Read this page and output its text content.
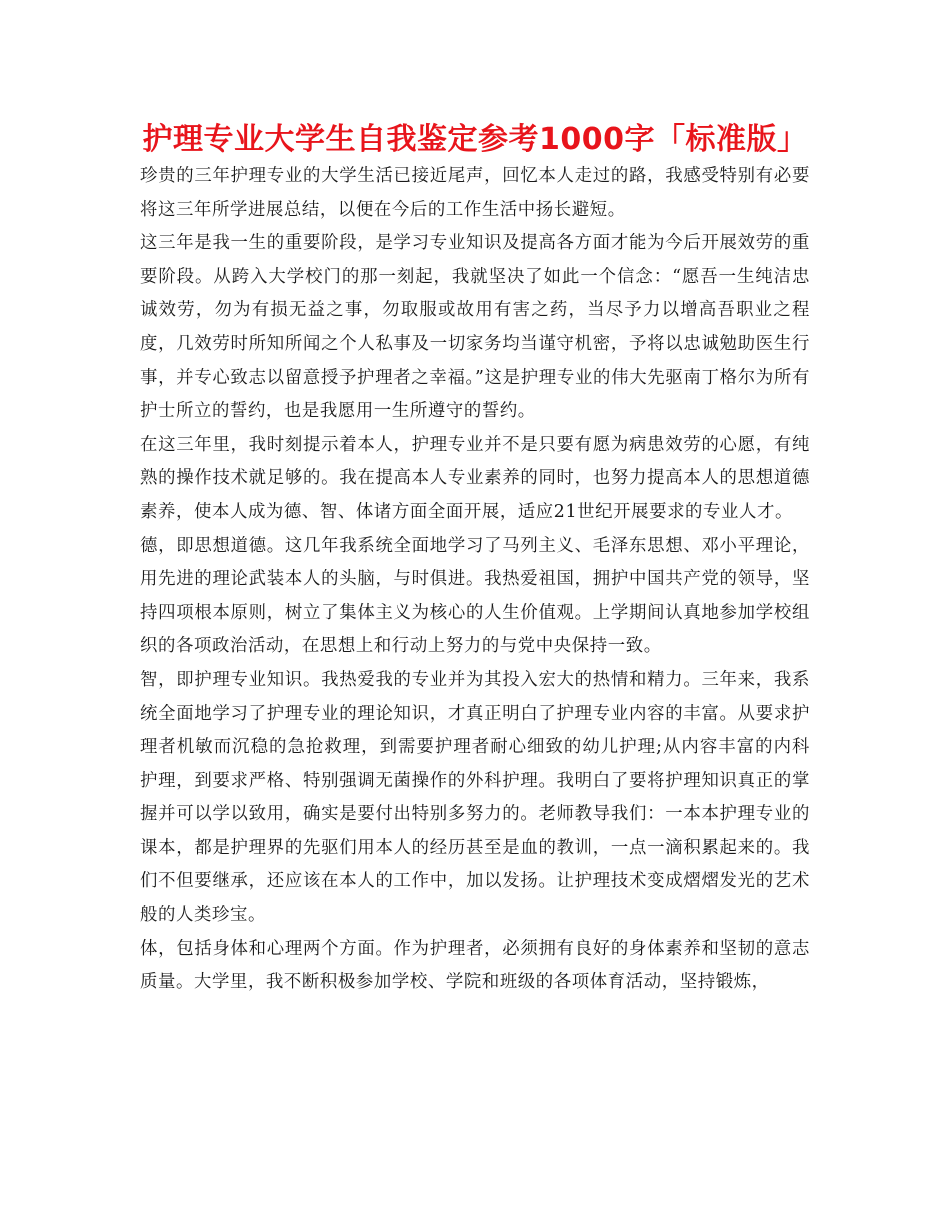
护理专业大学生自我鉴定参考1000字「标准版」

珍贵的三年护理专业的大学生活已接近尾声，回忆本人走过的路，我感受特别有必要将这三年所学进展总结，以便在今后的工作生活中扬长避短。

这三年是我一生的重要阶段，是学习专业知识及提高各方面才能为今后开展效劳的重要阶段。从跨入大学校门的那一刻起，我就坚决了如此一个信念：“愿吾一生纯洁忠诚效劳，勿为有损无益之事，勿取服或故用有害之药，当尽予力以增高吾职业之程度，几效劳时所知所闻之个人私事及一切家务均当谨守机密，予将以忠诚勉助医生行事，并专心致志以留意授予护理者之幸福。”这是护理专业的伟大先驱南丁格尔为所有护士所立的誓约，也是我愿用一生所遵守的誓约。

在这三年里，我时刻提示着本人，护理专业并不是只要有愿为病患效劳的心愿，有纯熟的操作技术就足够的。我在提高本人专业素养的同时，也努力提高本人的思想道德素养，使本人成为德、智、体诸方面全面开展，适应21世纪开展要求的专业人才。

德，即思想道德。这几年我系统全面地学习了马列主义、毛泽东思想、邓小平理论，用先进的理论武装本人的头脑，与时俱进。我热爱祖国，拥护中国共产党的领导，坚持四项根本原则，树立了集体主义为核心的人生价值观。上学期间认真地参加学校组织的各项政治活动，在思想上和行动上努力的与党中央保持一致。

智，即护理专业知识。我热爱我的专业并为其投入宏大的热情和精力。三年来，我系统全面地学习了护理专业的理论知识，才真正明白了护理专业内容的丰富。从要求护理者机敏而沉稳的急抢救理，到需要护理者耐心细致的幼儿护理;从内容丰富的内科护理，到要求严格、特别强调无菌操作的外科护理。我明白了要将护理知识真正的掌握并可以学以致用，确实是要付出特别多努力的。老师教导我们：一本本护理专业的课本，都是护理界的先驱们用本人的经历甚至是血的教训，一点一滴积累起来的。我们不但要继承，还应该在本人的工作中，加以发扬。让护理技术变成熠熠发光的艺术般的人类珍宝。

体，包括身体和心理两个方面。作为护理者，必须拥有良好的身体素养和坚韧的意志质量。大学里，我不断积极参加学校、学院和班级的各项体育活动，坚持锻炼，
